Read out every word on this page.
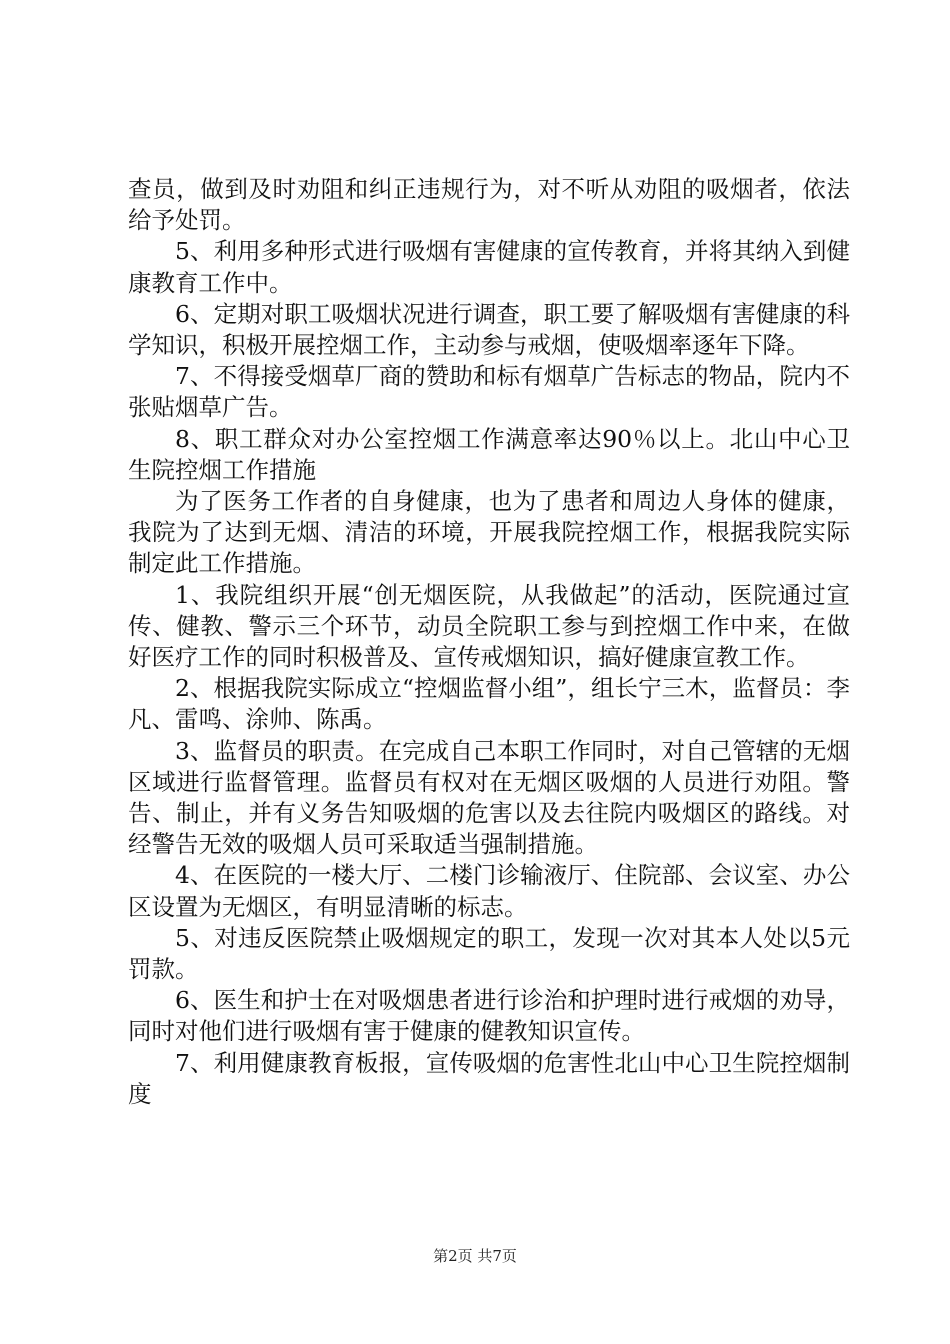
查员，做到及时劝阻和纠正违规行为，对不听从劝阻的吸烟者，依法给予处罚。

5、利用多种形式进行吸烟有害健康的宣传教育，并将其纳入到健康教育工作中。

6、定期对职工吸烟状况进行调查，职工要了解吸烟有害健康的科学知识，积极开展控烟工作，主动参与戒烟，使吸烟率逐年下降。

7、不得接受烟草厂商的赞助和标有烟草广告标志的物品，院内不张贴烟草广告。

8、职工群众对办公室控烟工作满意率达90％以上。北山中心卫生院控烟工作措施

为了医务工作者的自身健康，也为了患者和周边人身体的健康，我院为了达到无烟、清洁的环境，开展我院控烟工作，根据我院实际制定此工作措施。

1、我院组织开展“创无烟医院，从我做起”的活动，医院通过宣传、健教、警示三个环节，动员全院职工参与到控烟工作中来，在做好医疗工作的同时积极普及、宣传戒烟知识，搞好健康宣教工作。

2、根据我院实际成立“控烟监督小组”，组长宁三木，监督员：李凡、雷鸣、涂帅、陈禹。

3、监督员的职责。在完成自己本职工作同时，对自己管辖的无烟区域进行监督管理。监督员有权对在无烟区吸烟的人员进行劝阻。警告、制止，并有义务告知吸烟的危害以及去往院内吸烟区的路线。对经警告无效的吸烟人员可采取适当强制措施。

4、在医院的一楼大厅、二楼门诊输液厅、住院部、会议室、办公区设置为无烟区，有明显清晰的标志。

5、对违反医院禁止吸烟规定的职工，发现一次对其本人处以5元罚款。

6、医生和护士在对吸烟患者进行诊治和护理时进行戒烟的劝导，同时对他们进行吸烟有害于健康的健教知识宣传。

7、利用健康教育板报，宣传吸烟的危害性北山中心卫生院控烟制度

第2页 共7页
